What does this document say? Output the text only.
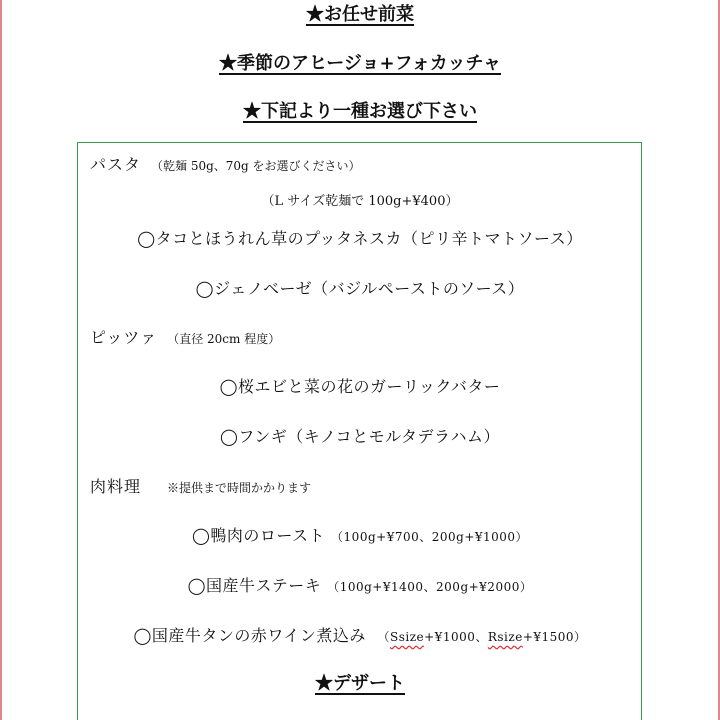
★お任せ前菜
★季節のアヒージョ+フォカッチャ
★下記より一種お選び下さい
パスタ （乾麺 50g、70g をお選びください）
（L サイズ乾麺で 100g+¥400）
◯タコとほうれん草のプッタネスカ（ピリ辛トマトソース）
◯ジェノベーゼ（バジルペーストのソース）
ピッツァ （直径 20cm 程度）
◯桜エビと菜の花のガーリックバター
◯フンギ（キノコとモルタデラハム）
肉料理 ※提供まで時間かかります
◯鴨肉のロースト （100g+¥700、200g+¥1000）
◯国産牛ステーキ （100g+¥1400、200g+¥2000）
◯国産牛タンの赤ワイン煮込み （Ssize+¥1000、Rsize+¥1500）
★デザート
